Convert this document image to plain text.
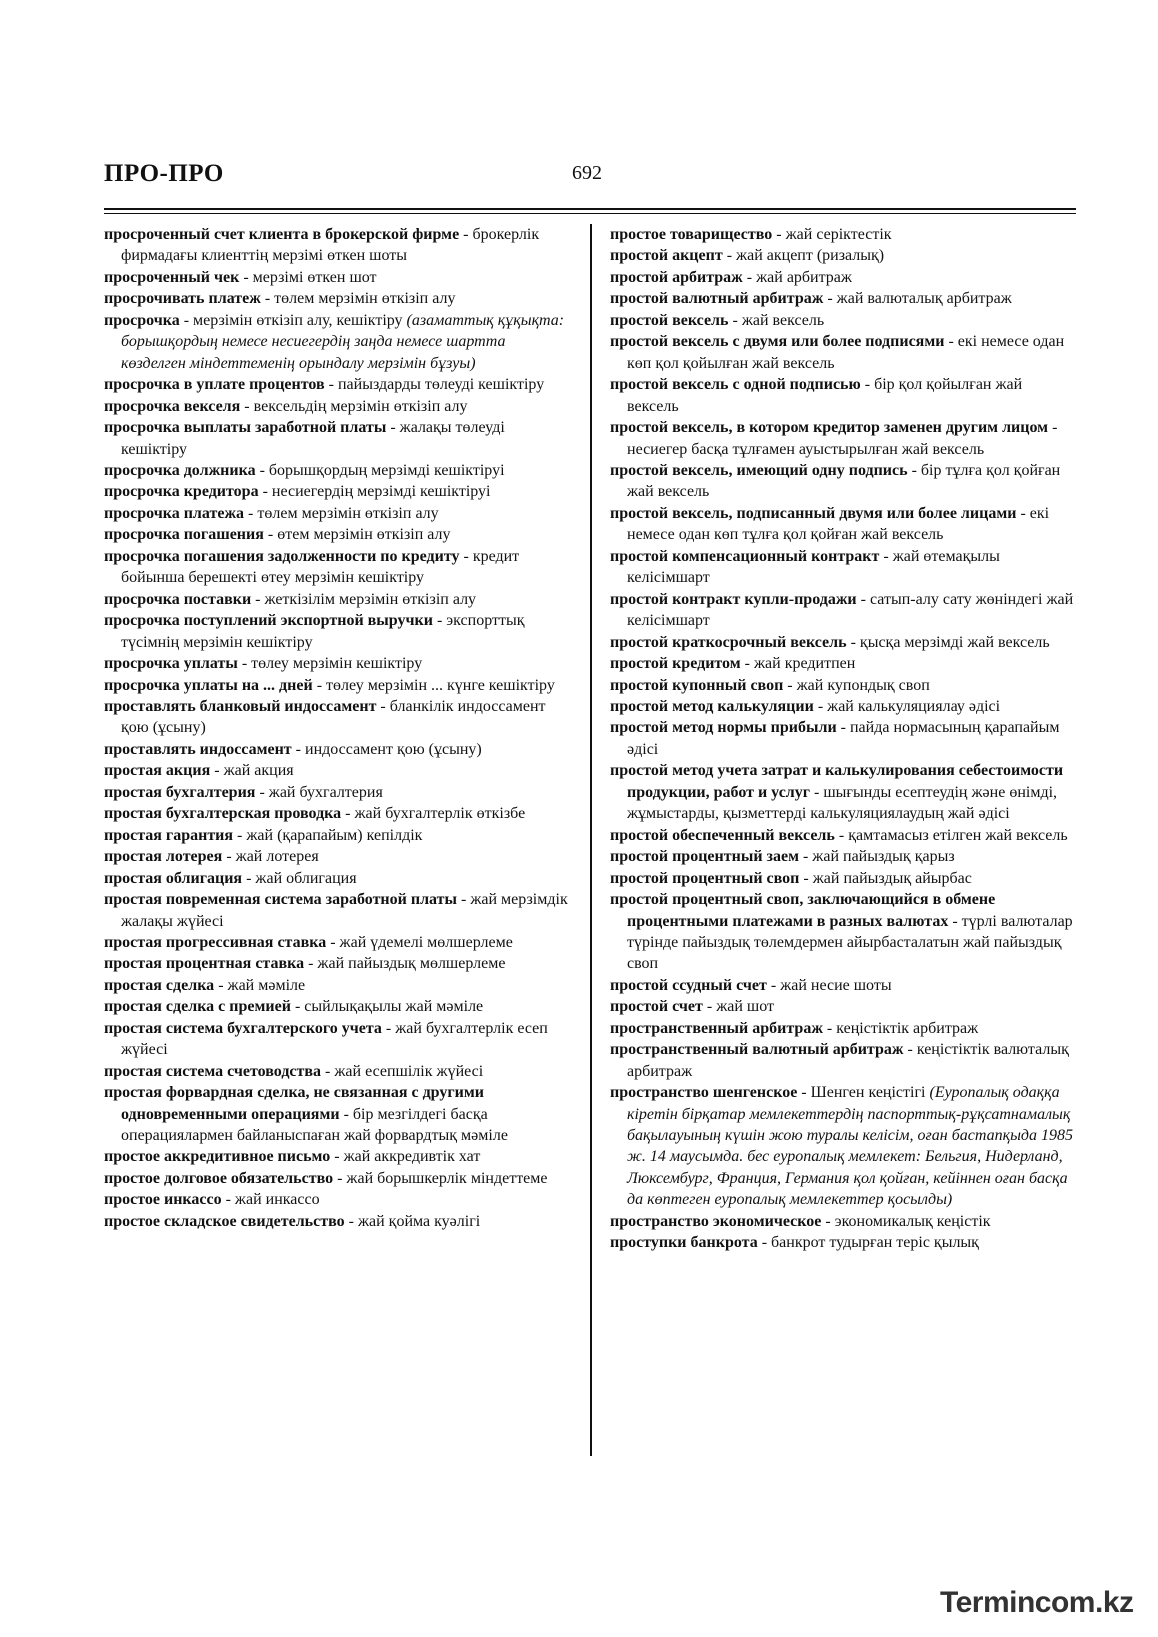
ПРО-ПРО	692

просроченный счет клиента в брокерской фирме - брокерлік фирмадағы клиенттің мерзімі өткен шоты

просроченный чек - мерзімі өткен шот

просрочивать платеж - төлем мерзімін өткізіп алу

просрочка - мерзімін өткізіп алу, кешіктіру (азаматтық құқықта: борышқордың немесе несиегердің заңда немесе шартта көзделген міндеттеменің орындалу мерзімін бұзуы)

просрочка в уплате процентов - пайыздарды төлеуді кешіктіру

просрочка векселя - вексельдің мерзімін өткізіп алу

просрочка выплаты заработной платы - жалақы төлеуді кешіктіру

просрочка должника - борышқордың мерзімді кешіктіруі

просрочка кредитора - несиегердің мерзімді кешіктіруі

просрочка платежа - төлем мерзімін өткізіп алу

просрочка погашения - өтем мерзімін өткізіп алу

просрочка погашения задолженности по кредиту - кредит бойынша берешекті өтеу мерзімін кешіктіру

просрочка поставки - жеткізілім мерзімін өткізіп алу

просрочка поступлений экспортной выручки - экспорттық түсімнің мерзімін кешіктіру

просрочка уплаты - төлеу мерзімін кешіктіру

просрочка уплаты на ... дней - төлеу мерзімін ... күнге кешіктіру

проставлять бланковый индоссамент - бланкілік индоссамент қою (ұсыну)

проставлять индоссамент - индоссамент қою (ұсыну)

простая акция - жай акция

простая бухгалтерия - жай бухгалтерия

простая бухгалтерская проводка - жай бухгалтерлік өткізбе

простая гарантия - жай (қарапайым) кепілдік

простая лотерея - жай лотерея

простая облигация - жай облигация

простая повременная система заработной платы - жай мерзімдік жалақы жүйесі

простая прогрессивная ставка - жай үдемелі мөлшерлеме

простая процентная ставка - жай пайыздық мөлшерлеме

простая сделка - жай мәміле

простая сделка с премией - сыйлықақылы жай мәміле

простая система бухгалтерского учета - жай бухгалтерлік есеп жүйесі

простая система счетоводства - жай есепшілік жүйесі

простая форвардная сделка, не связанная с другими одновременными операциями - бір мезгілдегі басқа операциялармен байланыспаған жай форвардтық мәміле

простое аккредитивное письмо - жай аккредивтік хат

простое долговое обязательство - жай борышкерлік міндеттеме

простое инкассо - жай инкассо

простое складское свидетельство - жай қойма куәлігі

простое товарищество - жай серіктестік

простой акцепт - жай акцепт (ризалық)

простой арбитраж - жай арбитраж

простой валютный арбитраж - жай валюталық арбитраж

простой вексель - жай вексель

простой вексель с двумя или более подписями - екі немесе одан көп қол қойылған жай вексель

простой вексель с одной подписью - бір қол қойылған жай вексель

простой вексель, в котором кредитор заменен другим лицом - несиегер басқа тұлғамен ауыстырылған жай вексель

простой вексель, имеющий одну подпись - бір тұлға қол қойған жай вексель

простой вексель, подписанный двумя или более лицами - екі немесе одан көп тұлға қол қойған жай вексель

простой компенсационный контракт - жай өтемақылы келісімшарт

простой контракт купли-продажи - сатып-алу сату жөніндегі жай келісімшарт

простой краткосрочный вексель - қысқа мерзімді жай вексель

простой кредитом - жай кредитпен

простой купонный своп - жай купондық своп

простой метод калькуляции - жай калькуляциялау әдісі

простой метод нормы прибыли - пайда нормасының қарапайым әдісі

простой метод учета затрат и калькулирования себестоимости продукции, работ и услуг - шығынды есептеудің және өнімді, жұмыстарды, қызметтерді калькуляциялаудың жай әдісі

простой обеспеченный вексель - қамтамасыз етілген жай вексель

простой процентный заем - жай пайыздық қарыз

простой процентный своп - жай пайыздық айырбас

простой процентный своп, заключающийся в обмене процентными платежами в разных валютах - түрлі валюталар түрінде пайыздық төлемдермен айырбасталатын жай пайыздық своп

простой ссудный счет - жай несие шоты

простой счет - жай шот

пространственный арбитраж - кеңістіктік арбитраж

пространственный валютный арбитраж - кеңістіктік валюталық арбитраж

пространство шенгенское - Шенген кеңістігі (Еуропалық одаққа кіретін бірқатар мемлекеттердің паспорттық-рұқсатнамалық бақылауының күшін жою туралы келісім, оған бастапқыда 1985 ж. 14 маусымда. бес еуропалық мемлекет: Бельгия, Нидерланд, Люксембург, Франция, Германия қол қойған, кейіннен оған басқа да көптеген еуропалық мемлекеттер қосылды)

пространство экономическое - экономикалық кеңістік

проступки банкрота - банкрот тудырған теріс қылық

Termincom.kz
